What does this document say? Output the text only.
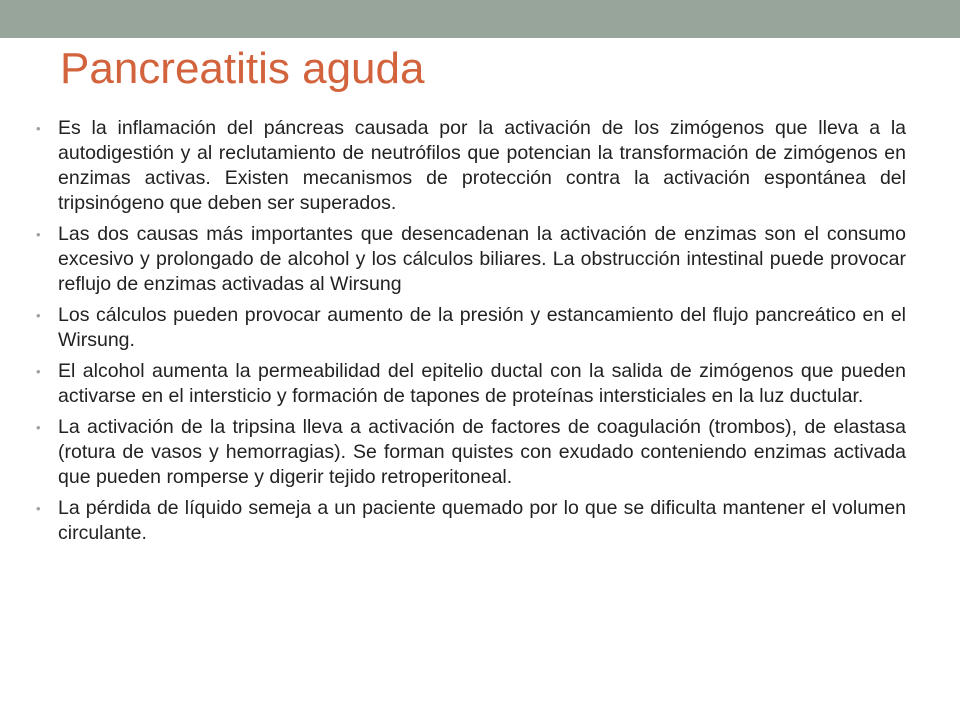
Pancreatitis aguda
• Es la inflamación del páncreas causada por la activación de los zimógenos que lleva a la autodigestión y al reclutamiento de neutrófilos que potencian la transformación de zimógenos en enzimas activas. Existen mecanismos de protección contra la activación espontánea del tripsinógeno que deben ser superados.
• Las dos causas más importantes que desencadenan la activación de enzimas son el consumo excesivo y prolongado de alcohol y los cálculos biliares. La obstrucción intestinal puede provocar reflujo de enzimas activadas al Wirsung
• Los cálculos pueden provocar aumento de la presión y estancamiento del flujo pancreático en el Wirsung.
• El alcohol aumenta la permeabilidad del epitelio ductal con la salida de zimógenos que pueden activarse en el intersticio y formación de tapones de proteínas intersticiales en la luz ductular.
• La activación de la tripsina lleva a activación de factores de coagulación (trombos), de elastasa (rotura de vasos y hemorragias). Se forman quistes con exudado conteniendo enzimas activada que pueden romperse y digerir tejido retroperitoneal.
• La pérdida de líquido semeja a un paciente quemado por lo que se dificulta mantener el volumen circulante.
